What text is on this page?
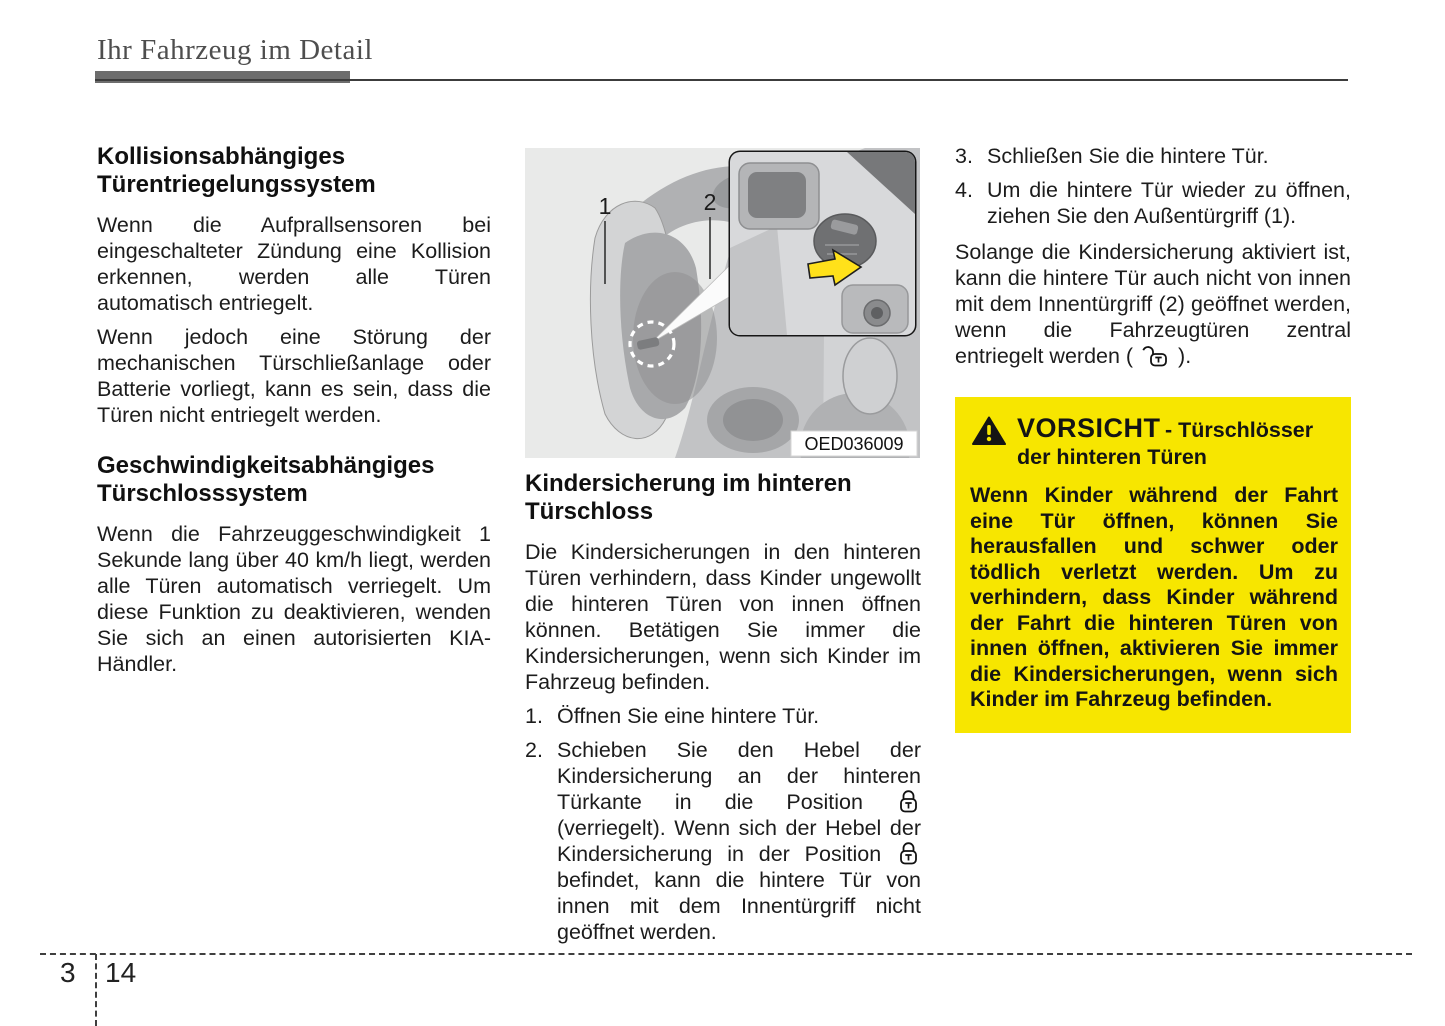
Ihr Fahrzeug im Detail
Kollisionsabhängiges Türentriegelungssystem

Wenn die Aufprallsensoren bei eingeschalteter Zündung eine Kollision erkennen, werden alle Türen automatisch entriegelt.

Wenn jedoch eine Störung der mechanischen Türschließanlage oder Batterie vorliegt, kann es sein, dass die Türen nicht entriegelt werden.

Geschwindigkeitsabhängiges Türschlosssystem

Wenn die Fahrzeuggeschwindigkeit 1 Sekunde lang über 40 km/h liegt, werden alle Türen automatisch verriegelt. Um diese Funktion zu deaktivieren, wenden Sie sich an einen autorisierten KIA-Händler.

1	2
OED036009
Kindersicherung im hinteren Türschloss

Die Kindersicherungen in den hinteren Türen verhindern, dass Kinder ungewollt die hinteren Türen von innen öffnen können. Betätigen Sie immer die Kindersicherungen, wenn sich Kinder im Fahrzeug befinden.

1. Öffnen Sie eine hintere Tür.
2. Schieben Sie den Hebel der Kindersicherung an der hinteren Türkante in die Position  (verriegelt). Wenn sich der Hebel der Kindersicherung in der Position  befindet, kann die hintere Tür von innen mit dem Innentürgriff nicht geöffnet werden.
3. Schließen Sie die hintere Tür.
4. Um die hintere Tür wieder zu öffnen, ziehen Sie den Außentürgriff (1).

Solange die Kindersicherung aktiviert ist, kann die hintere Tür auch nicht von innen mit dem Innentürgriff (2) geöffnet werden, wenn die Fahrzeugtüren zentral entriegelt werden ( ).

VORSICHT - Türschlösser
der hinteren Türen

Wenn Kinder während der Fahrt eine Tür öffnen, können Sie herausfallen und schwer oder tödlich verletzt werden. Um zu verhindern, dass Kinder während der Fahrt die hinteren Türen von innen öffnen, aktivieren Sie immer die Kindersicherungen, wenn sich Kinder im Fahrzeug befinden.

3 14
